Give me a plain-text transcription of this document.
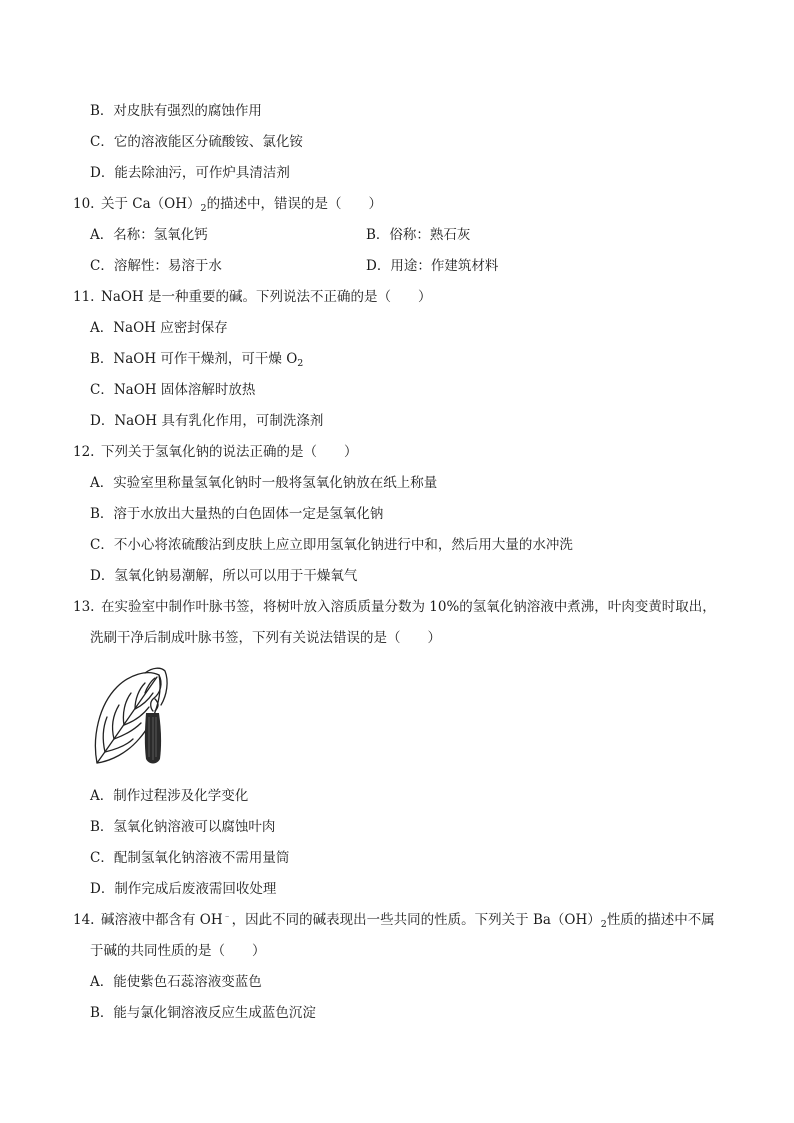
B．对皮肤有强烈的腐蚀作用
C．它的溶液能区分硫酸铵、氯化铵
D．能去除油污，可作炉具清洁剂
10. 关于 $Ca(OH)_2$的描述中，错误的是（　　）
A．名称：氢氧化钙	B．俗称：熟石灰
C．溶解性：易溶于水	D．用途：作建筑材料
11. NaOH 是一种重要的碱。下列说法不正确的是（　　）
A．NaOH 应密封保存
B．NaOH 可作干燥剂，可干燥 $O_2$
C．NaOH 固体溶解时放热
D．NaOH 具有乳化作用，可制洗涤剂
12. 下列关于氢氧化钠的说法正确的是（　　）
A．实验室里称量氢氧化钠时一般将氢氧化钠放在纸上称量
B．溶于水放出大量热的白色固体一定是氢氧化钠
C．不小心将浓硫酸沾到皮肤上应立即用氢氧化钠进行中和，然后用大量的水冲洗
D．氢氧化钠易潮解，所以可以用于干燥氧气
13. 在实验室中制作叶脉书签，将树叶放入溶质质量分数为 10%的氢氧化钠溶液中煮沸，叶肉变黄时取出，
洗刷干净后制成叶脉书签，下列有关说法错误的是（　　）
A．制作过程涉及化学变化
B．氢氧化钠溶液可以腐蚀叶肉
C．配制氢氧化钠溶液不需用量筒
D．制作完成后废液需回收处理
14. 碱溶液中都含有 OH﹣，因此不同的碱表现出一些共同的性质。下列关于 $Ba(OH)_2$性质的描述中不属
于碱的共同性质的是（　　）
A．能使紫色石蕊溶液变蓝色
B．能与氯化铜溶液反应生成蓝色沉淀
